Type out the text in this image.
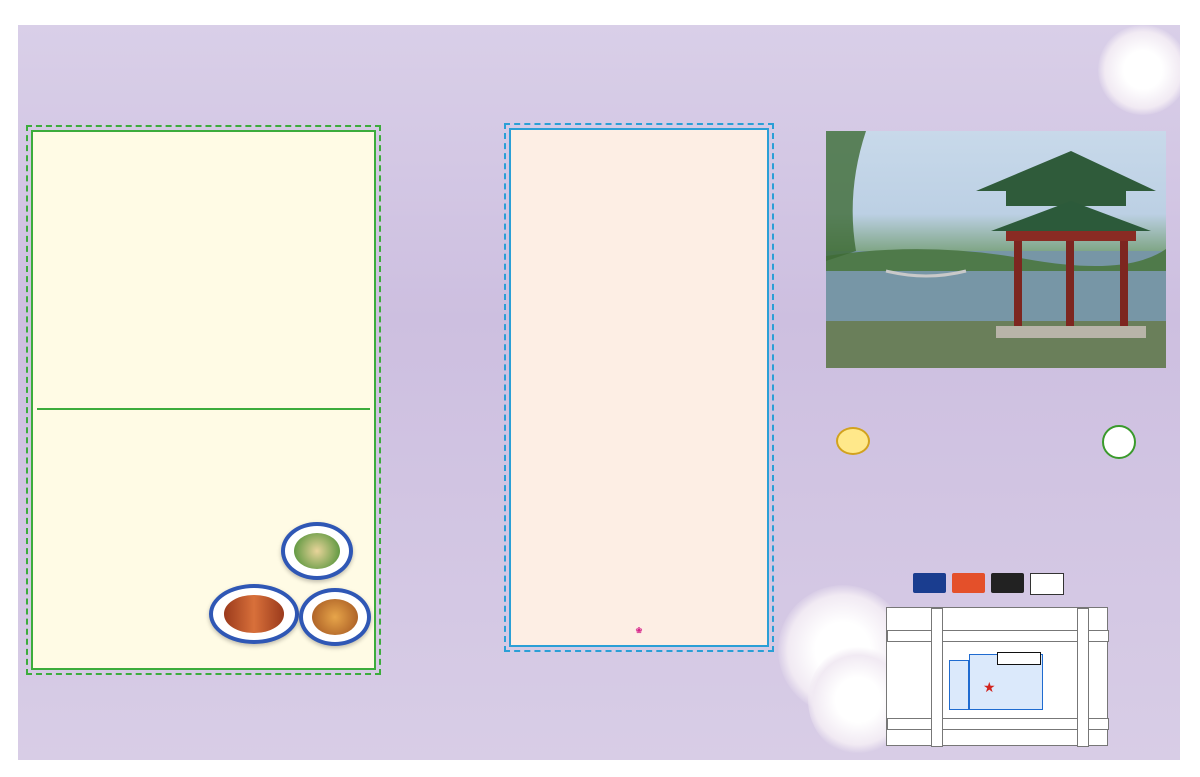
❀
★
